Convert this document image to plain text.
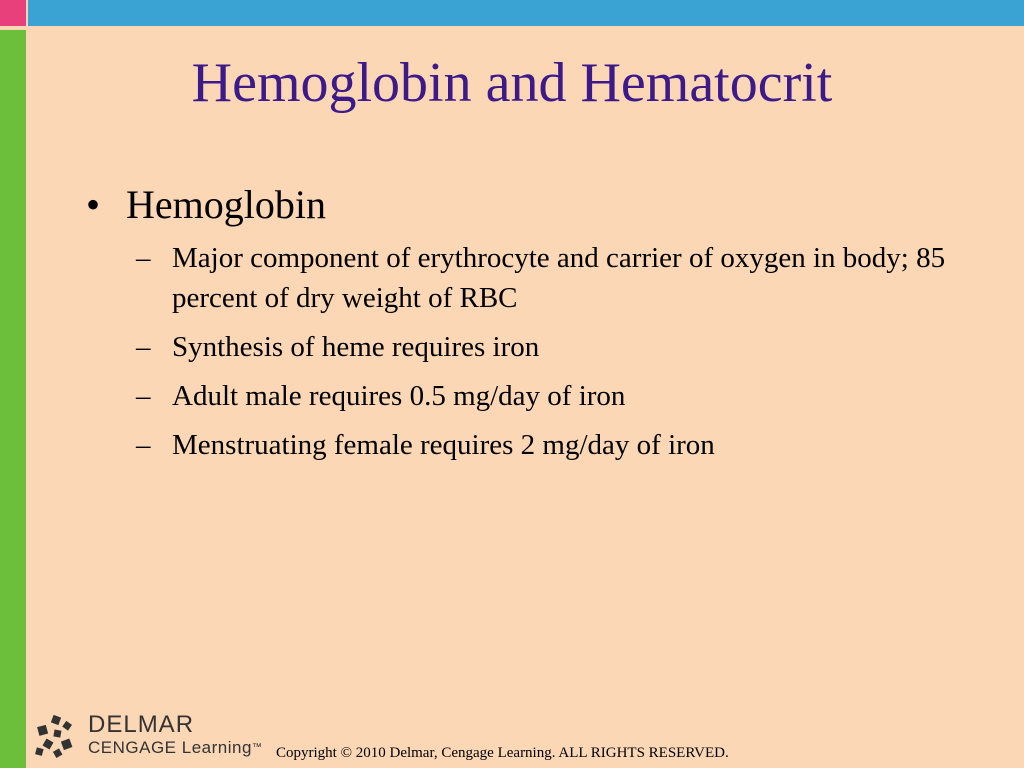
Hemoglobin and Hematocrit
• Hemoglobin
– Major component of erythrocyte and carrier of oxygen in body; 85 percent of dry weight of RBC
– Synthesis of heme requires iron
– Adult male requires 0.5 mg/day of iron
– Menstruating female requires 2 mg/day of iron
DELMAR
CENGAGE Learning™ Copyright © 2010 Delmar, Cengage Learning. ALL RIGHTS RESERVED.
